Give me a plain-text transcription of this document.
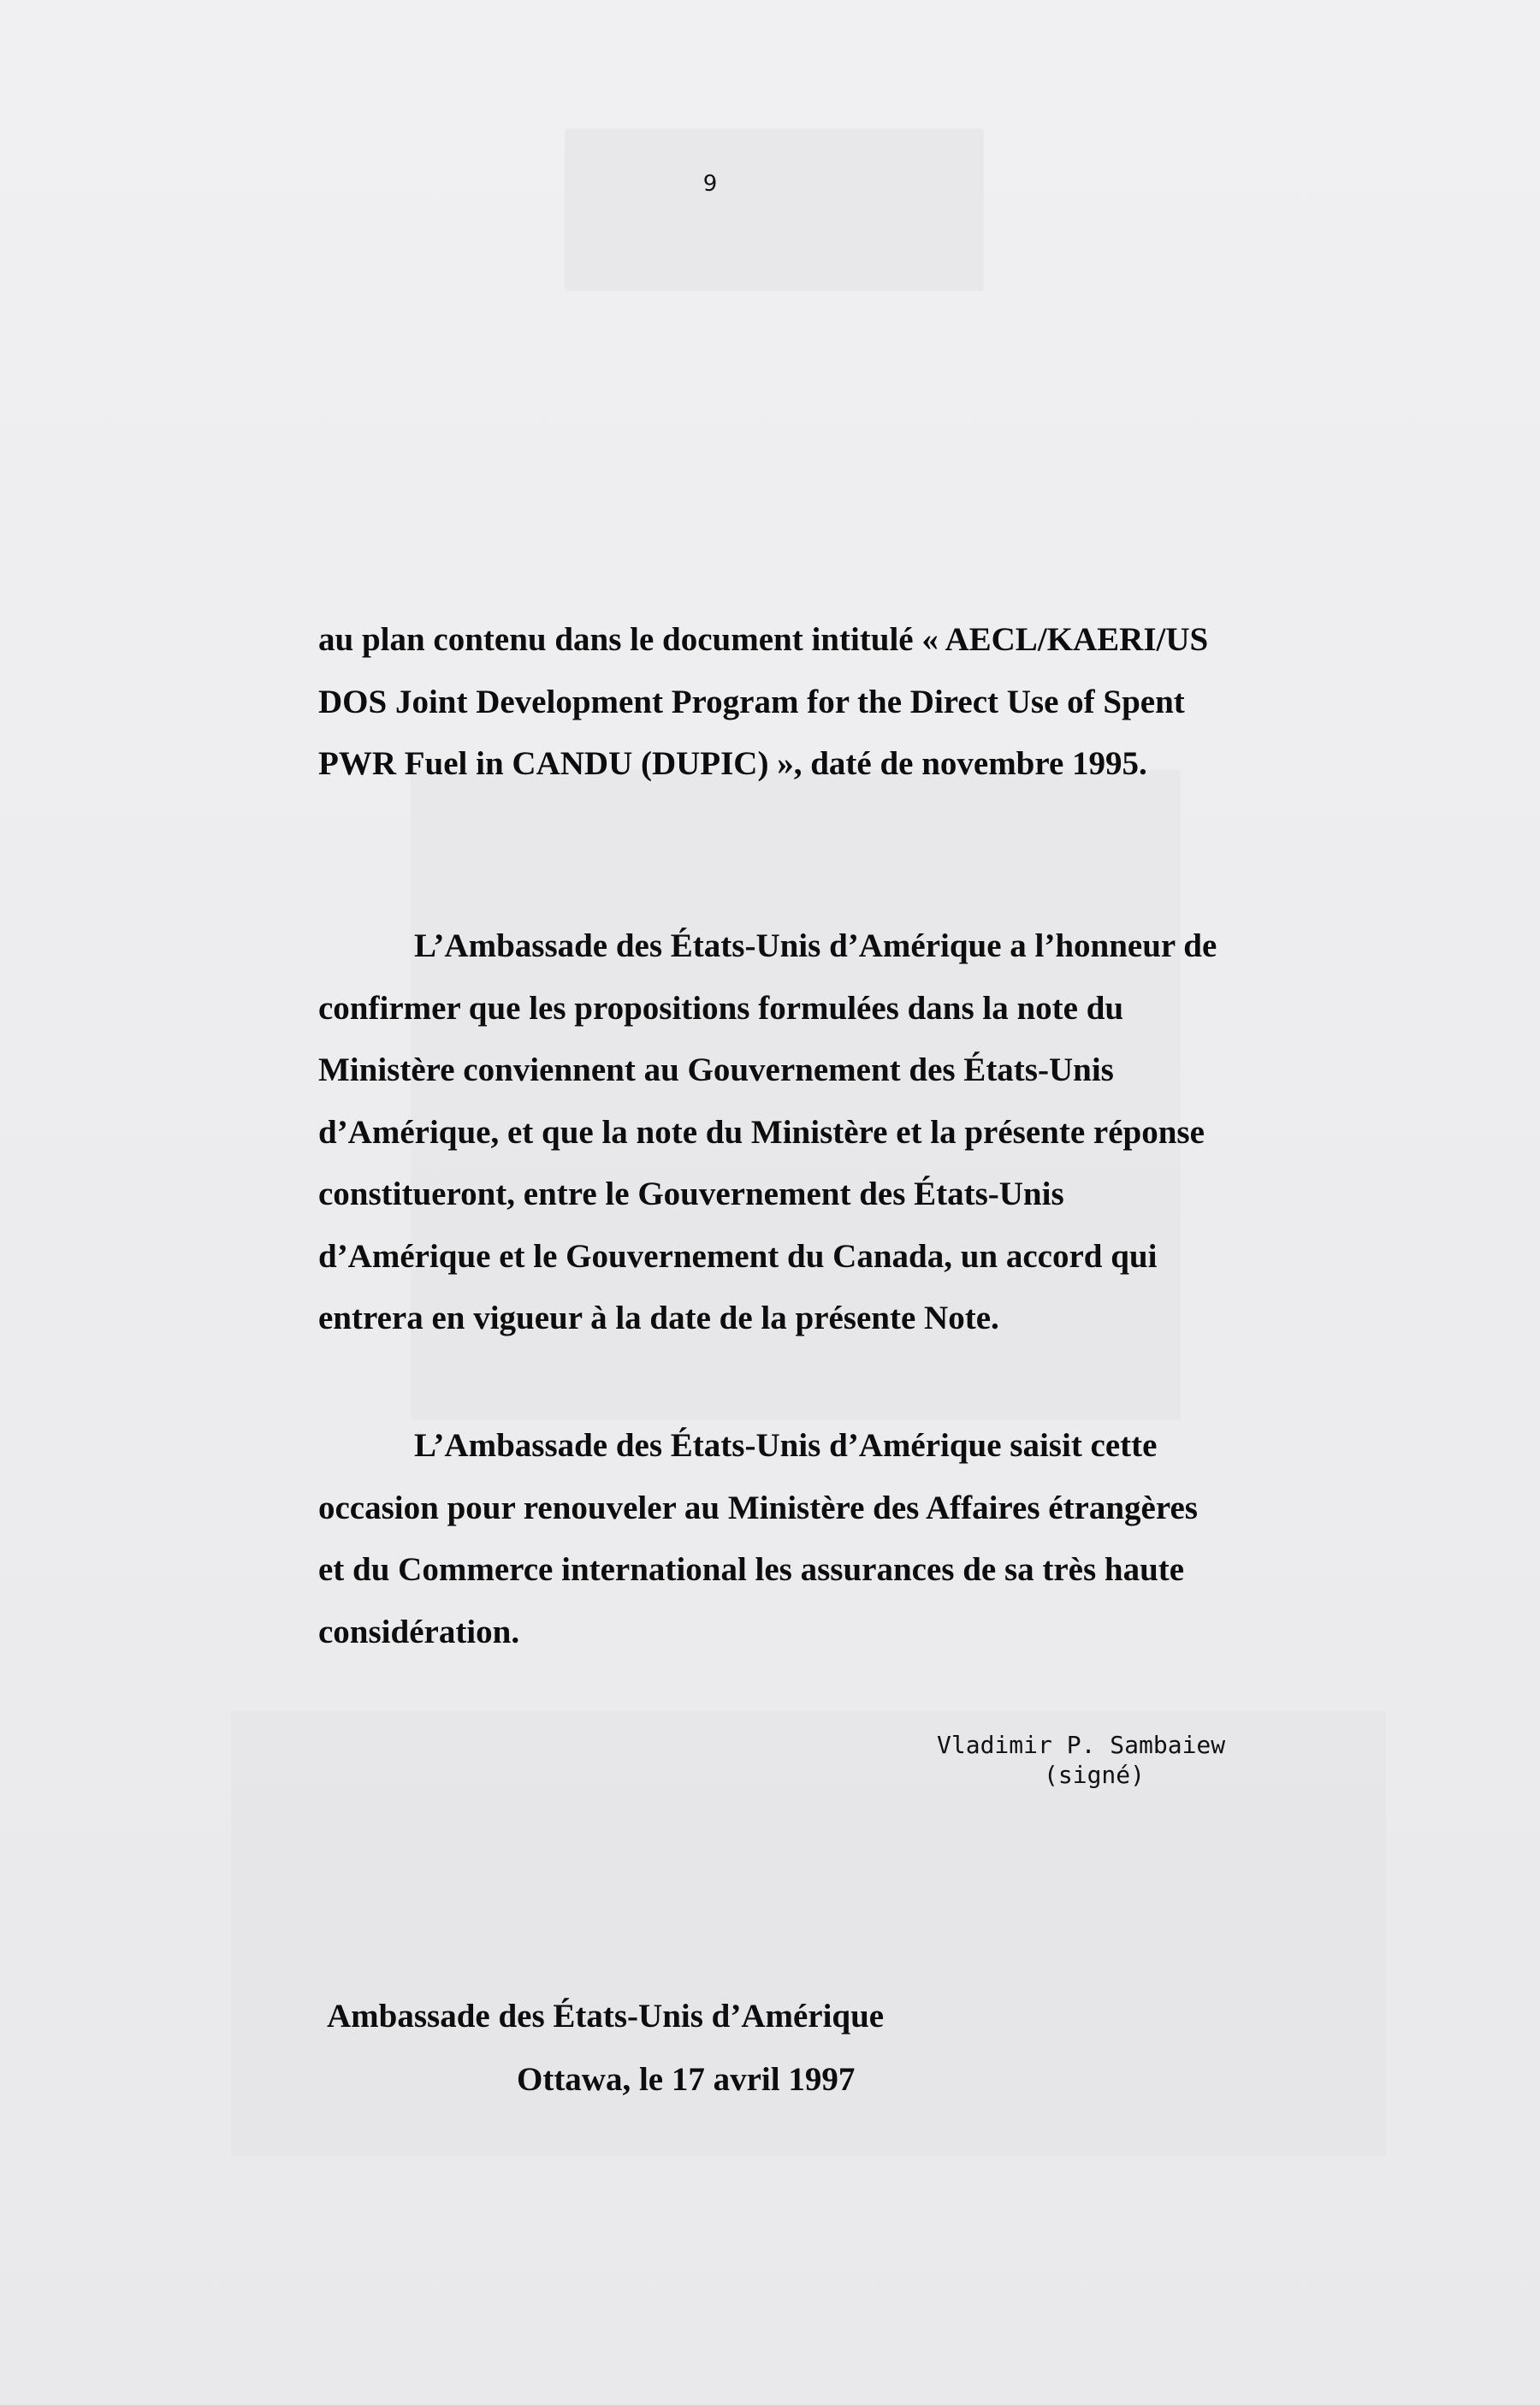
9

au plan contenu dans le document intitulé « AECL/KAERI/US
DOS Joint Development Program for the Direct Use of Spent
PWR Fuel in CANDU (DUPIC) », daté de novembre 1995.

L’Ambassade des États-Unis d’Amérique a l’honneur de
confirmer que les propositions formulées dans la note du
Ministère conviennent au Gouvernement des États-Unis
d’Amérique, et que la note du Ministère et la présente réponse
constitueront, entre le Gouvernement des États-Unis
d’Amérique et le Gouvernement du Canada, un accord qui
entrera en vigueur à la date de la présente Note.

L’Ambassade des États-Unis d’Amérique saisit cette
occasion pour renouveler au Ministère des Affaires étrangères
et du Commerce international les assurances de sa très haute
considération.

Vladimir P. Sambaiew
(signé)
Ambassade des États-Unis d’Amérique
Ottawa, le 17 avril 1997
